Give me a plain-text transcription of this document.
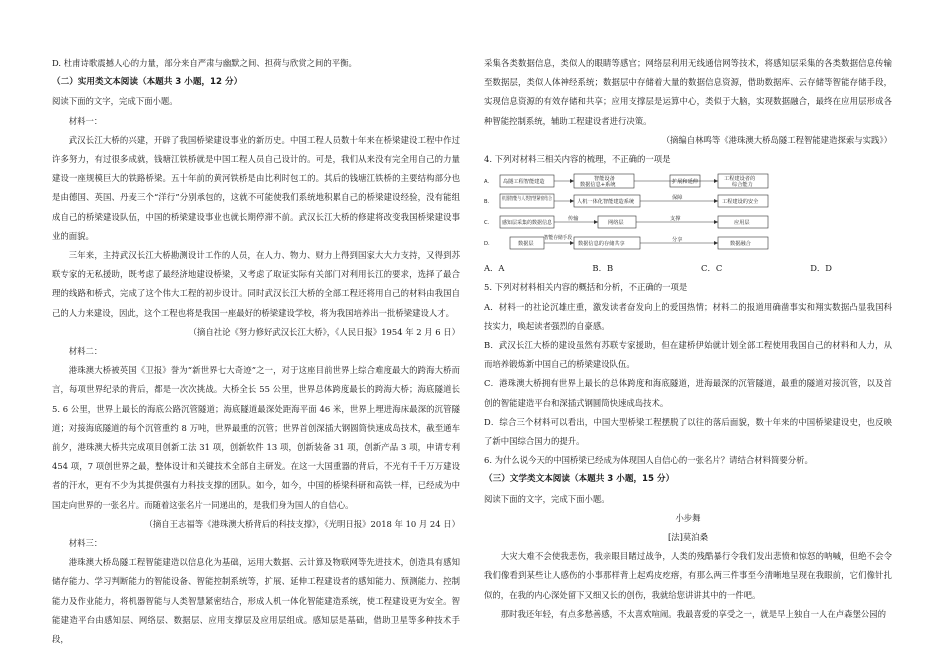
D. 杜甫诗歌震撼人心的力量，部分来自严肃与幽默之间、担荷与欣赏之间的平衡。

（二）实用类文本阅读（本题共 3 小题，12 分）

阅读下面的文字，完成下面小题。

材料一：

武汉长江大桥的兴建，开辟了我国桥梁建设事业的新历史。中国工程人员数十年来在桥梁建设工程中作过许多努力，有过很多成就，钱塘江铁桥就是中国工程人员自己设计的。可是，我们从来没有完全用自己的力量建设一座规模巨大的铁路桥梁。五十年前的黄河铁桥是由比利时包工的。其后的钱塘江铁桥的主要结构部分也是由德国、英国、丹麦三个“洋行”分别承包的，这就不可能使我们系统地积累自己的桥梁建设经验，没有能组成自己的桥梁建设队伍，中国的桥梁建设事业也就长期停滞不前。武汉长江大桥的修建将改变我国桥梁建设事业的面貌。

三年来，主持武汉长江大桥勘测设计工作的人员，在人力、物力、财力上得到国家大大力支持，又得到苏联专家的无私援助，既考虑了最经济地建设桥梁，又考虑了取证实际有关部门对利用长江的要求，选择了最合理的线路和桥式，完成了这个伟大工程的初步设计。同时武汉长江大桥的全部工程还将用自己的材料由我国自己的人力来建设，因此，这个工程也将是我国一座最好的桥梁建设学校，将为我国培养出一批桥梁建设人才。

（摘自社论《努力修好武汉长江大桥》，《人民日报》1954 年 2 月 6 日）

材料二：

港珠澳大桥被英国《卫报》誉为“新世界七大奇迹”之一，对于这座目前世界上综合难度最大的跨海大桥而言，每项世界纪录的背后，都是一次次挑战。大桥全长 55 公里，世界总体跨度最长的跨海大桥；海底隧道长 5. 6 公里，世界上最长的海底公路沉管隧道；海底隧道最深处距海平面 46 米，世界上埋进海床最深的沉管隧道；对接海底隧道的每个沉管重约 8 万吨，世界最重的沉管；世界首创深插大钢圆筒快速成岛技术，截至通车前夕，港珠澳大桥共完成项目创新工法 31 项，创新软件 13 项，创新装备 31 项，创新产品 3 项，申请专利 454 项，7 项创世界之最，整体设计和关键技术全部自主研发。在这一大国重器的背后，不光有千千万万建设者的汗水，更有不少为其提供强有力科技支撑的团队。如今，如今，中国的桥梁科研和高铁一样，已经成为中国走向世界的一张名片。而随着这张名片一同递出的，是我们身为国人的自信心。

（摘自王志福等《港珠澳大桥背后的科技支撑》，《光明日报》2018 年 10 月 24 日）

材料三：

港珠澳大桥岛隧工程智能建造以信息化为基础，运用大数据、云计算及物联网等先进技术，创造具有感知储存能力、学习判断能力的智能设备、智能控制系统等，扩展、延伸工程建设者的感知能力、预测能力、控制能力及作业能力，将机器智能与人类智慧紧密结合，形成人机一体化智能建造系统，使工程建设更为安全。智能建造平台由感知层、网络层、数据层、应用支撑层及应用层组成。感知层是基础，借助卫星等多种技术手段，

采集各类数据信息，类似人的眼睛等感官；网络层利用无线通信网等技术，将感知层采集的各类数据信息传输至数据层，类似人体神经系统；数据层中存储着大量的数据信息资源，借助数据库、云存储等智能存储手段，实现信息资源的有效存储和共享；应用支撑层是运算中心，类似于大脑，实现数据融合，最终在应用层形成各种智能控制系统，辅助工程建设者进行决策。

（摘编自林鸣等《港珠澳大桥岛隧工程智能建造探索与实践》）

4. 下列对材料三相关内容的梳理，不正确的一项是

A.
B.
C.
D.
岛隧工程智能建造	智能设备
数据信息+系统	扩展和延伸	工程建设者的
综合能力
机器智能与人类智慧紧密结合 人机一体化智能建造系统
保障
工程建设的安全
感知层采集的数据信息
传输
网络层
支撑
应用层
数据层	数据信息的存储共享
智能存储手段	分享
数据融合
A．A	B．B	C．C	D．D

5. 下列对材料相关内容的概括和分析，不正确的一项是

A．材料一的社论沉雄庄重，激发读者奋发向上的爱国热情；材料二的报道用确凿事实和翔实数据凸显我国科技实力，唤起读者强烈的自豪感。

B．武汉长江大桥的建设虽然有苏联专家援助，但在建桥伊始就计划全部工程使用我国自己的材料和人力，从而培养锻炼新中国自己的桥梁建设队伍。

C．港珠澳大桥拥有世界上最长的总体跨度和海底隧道，进海最深的沉管隧道，最重的隧道对接沉管，以及首创的智能建造平台和深插式钢圆筒快速成岛技术。

D．综合三个材料可以看出，中国大型桥梁工程摆脱了以往的落后面貌，数十年来的中国桥梁建设史，也反映了新中国综合国力的提升。

6. 为什么说今天的中国桥梁已经成为体现国人自信心的一张名片？请结合材料简要分析。

（三）文学类文本阅读（本题共 3 小题，15 分）

阅读下面的文字，完成下面小题。

小步舞

[法]莫泊桑

大灾大难不会使我悲伤，我亲眼目睹过战争，人类的残酷暴行令我们发出悲愤和惊怒的呐喊，但绝不会令我们像看到某些让人感伤的小事那样背上起鸡皮疙瘩，有那么两三件事至今清晰地呈现在我眼前，它们像针扎似的，在我的内心深处留下又细又长的创伤，我就给您讲讲其中的一件吧。

那时我还年轻，有点多愁善感，不太喜欢喧闹。我最喜爱的享受之一，就是早上独自一人在卢森堡公园的
